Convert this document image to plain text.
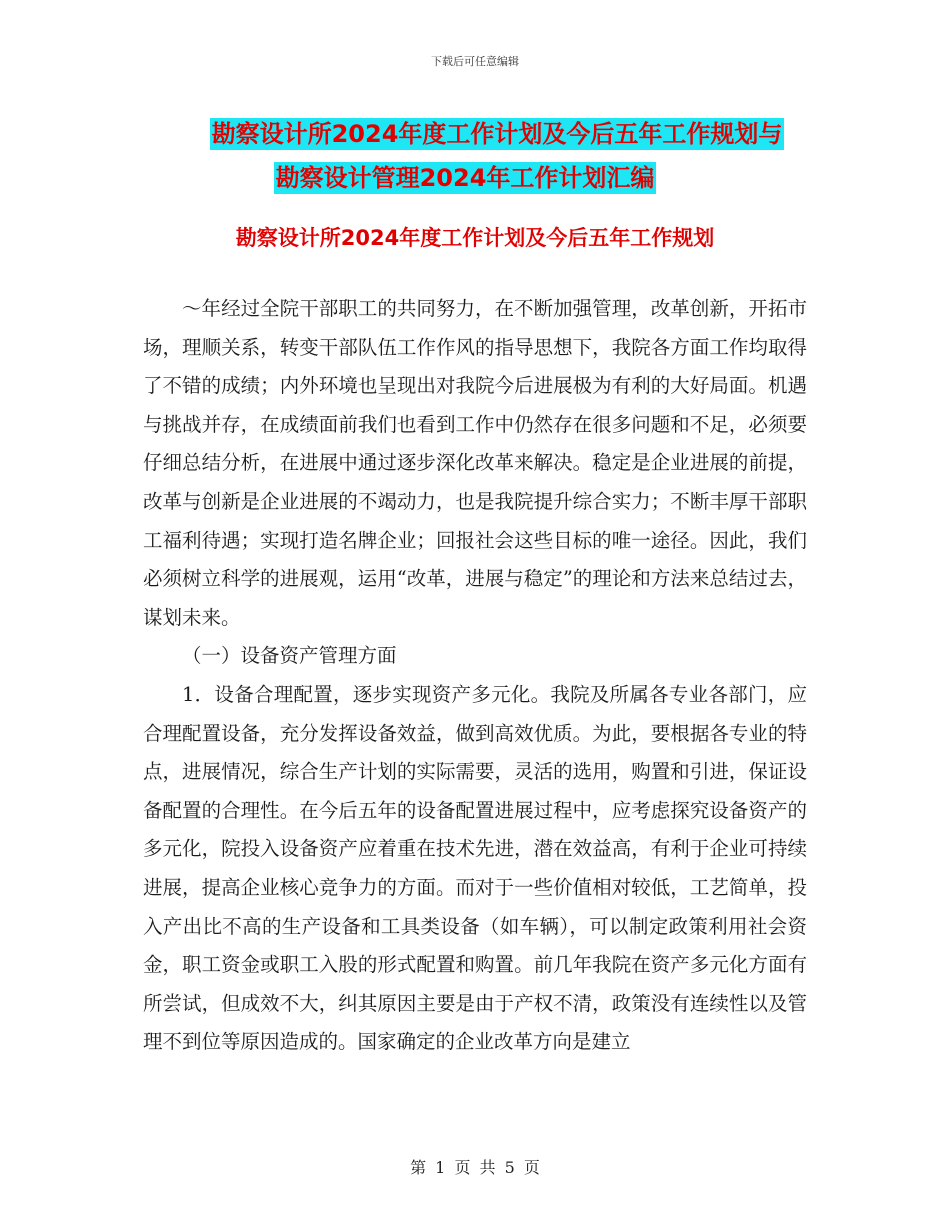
下载后可任意编辑
勘察设计所2024年度工作计划及今后五年工作规划与
勘察设计管理2024年工作计划汇编
勘察设计所2024年度工作计划及今后五年工作规划

～年经过全院干部职工的共同努力，在不断加强管理，改革创新，开拓市场，理顺关系，转变干部队伍工作作风的指导思想下，我院各方面工作均取得了不错的成绩；内外环境也呈现出对我院今后进展极为有利的大好局面。机遇与挑战并存，在成绩面前我们也看到工作中仍然存在很多问题和不足，必须要仔细总结分析，在进展中通过逐步深化改革来解决。稳定是企业进展的前提，改革与创新是企业进展的不竭动力，也是我院提升综合实力；不断丰厚干部职工福利待遇；实现打造名牌企业；回报社会这些目标的唯一途径。因此，我们必须树立科学的进展观，运用“改革，进展与稳定”的理论和方法来总结过去，谋划未来。

（一）设备资产管理方面

1．设备合理配置，逐步实现资产多元化。我院及所属各专业各部门，应合理配置设备，充分发挥设备效益，做到高效优质。为此，要根据各专业的特点，进展情况，综合生产计划的实际需要，灵活的选用，购置和引进，保证设备配置的合理性。在今后五年的设备配置进展过程中，应考虑探究设备资产的多元化，院投入设备资产应着重在技术先进，潜在效益高，有利于企业可持续进展，提高企业核心竞争力的方面。而对于一些价值相对较低，工艺简单，投入产出比不高的生产设备和工具类设备（如车辆），可以制定政策利用社会资金，职工资金或职工入股的形式配置和购置。前几年我院在资产多元化方面有所尝试，但成效不大，纠其原因主要是由于产权不清，政策没有连续性以及管理不到位等原因造成的。国家确定的企业改革方向是建立

第 1 页 共 5 页
